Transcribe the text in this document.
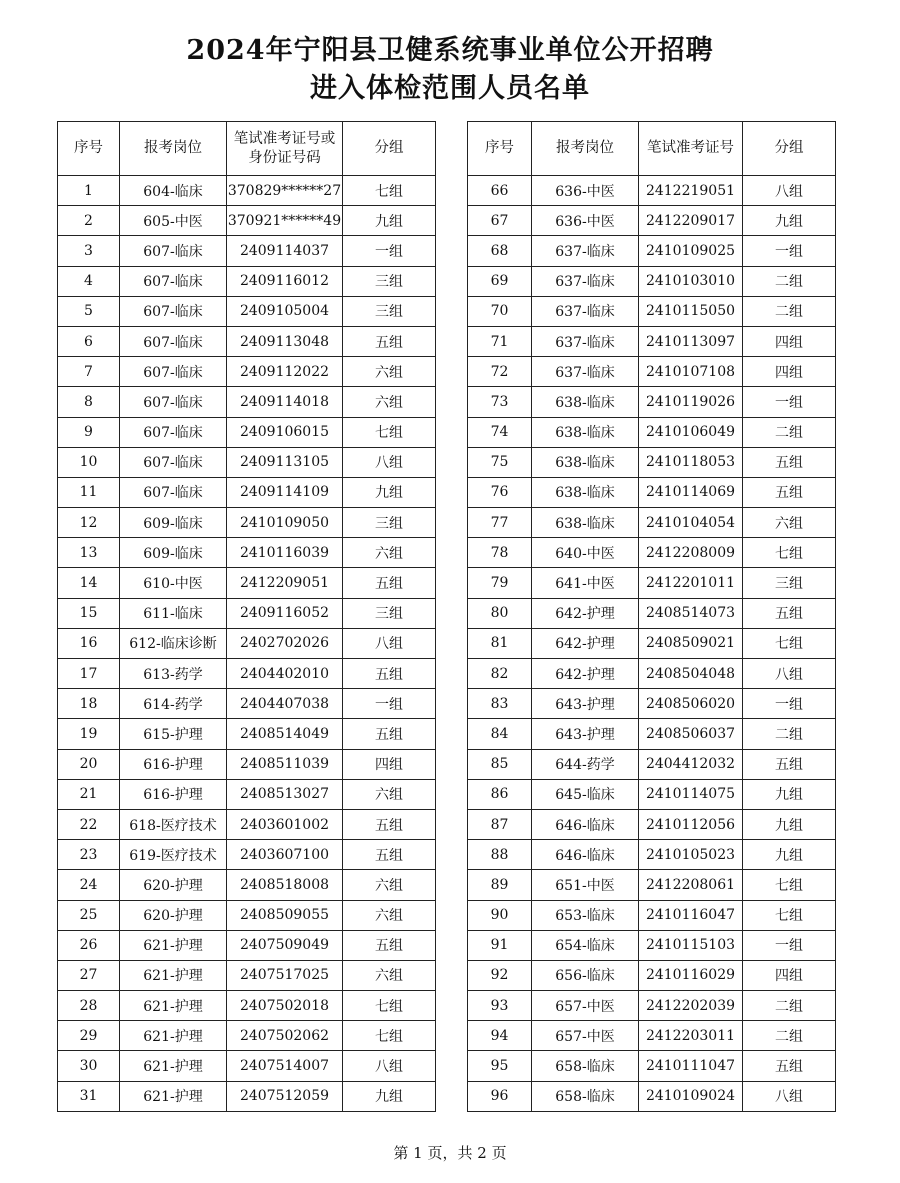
2024年宁阳县卫健系统事业单位公开招聘
进入体检范围人员名单
序号	报考岗位	笔试准考证号或
身份证号码	分组
1	604-临床	370829******27	七组
2	605-中医	370921******49	九组
3	607-临床	2409114037	一组
4	607-临床	2409116012	三组
5	607-临床	2409105004	三组
6	607-临床	2409113048	五组
7	607-临床	2409112022	六组
8	607-临床	2409114018	六组
9	607-临床	2409106015	七组
10	607-临床	2409113105	八组
11	607-临床	2409114109	九组
12	609-临床	2410109050	三组
13	609-临床	2410116039	六组
14	610-中医	2412209051	五组
15	611-临床	2409116052	三组
16	612-临床诊断	2402702026	八组
17	613-药学	2404402010	五组
18	614-药学	2404407038	一组
19	615-护理	2408514049	五组
20	616-护理	2408511039	四组
21	616-护理	2408513027	六组
22	618-医疗技术	2403601002	五组
23	619-医疗技术	2403607100	五组
24	620-护理	2408518008	六组
25	620-护理	2408509055	六组
26	621-护理	2407509049	五组
27	621-护理	2407517025	六组
28	621-护理	2407502018	七组
29	621-护理	2407502062	七组
30	621-护理	2407514007	八组
31	621-护理	2407512059	九组
序号	报考岗位	笔试准考证号	分组
66	636-中医	2412219051	八组
67	636-中医	2412209017	九组
68	637-临床	2410109025	一组
69	637-临床	2410103010	二组
70	637-临床	2410115050	二组
71	637-临床	2410113097	四组
72	637-临床	2410107108	四组
73	638-临床	2410119026	一组
74	638-临床	2410106049	二组
75	638-临床	2410118053	五组
76	638-临床	2410114069	五组
77	638-临床	2410104054	六组
78	640-中医	2412208009	七组
79	641-中医	2412201011	三组
80	642-护理	2408514073	五组
81	642-护理	2408509021	七组
82	642-护理	2408504048	八组
83	643-护理	2408506020	一组
84	643-护理	2408506037	二组
85	644-药学	2404412032	五组
86	645-临床	2410114075	九组
87	646-临床	2410112056	九组
88	646-临床	2410105023	九组
89	651-中医	2412208061	七组
90	653-临床	2410116047	七组
91	654-临床	2410115103	一组
92	656-临床	2410116029	四组
93	657-中医	2412202039	二组
94	657-中医	2412203011	二组
95	658-临床	2410111047	五组
96	658-临床	2410109024	八组
第 1 页，共 2 页
